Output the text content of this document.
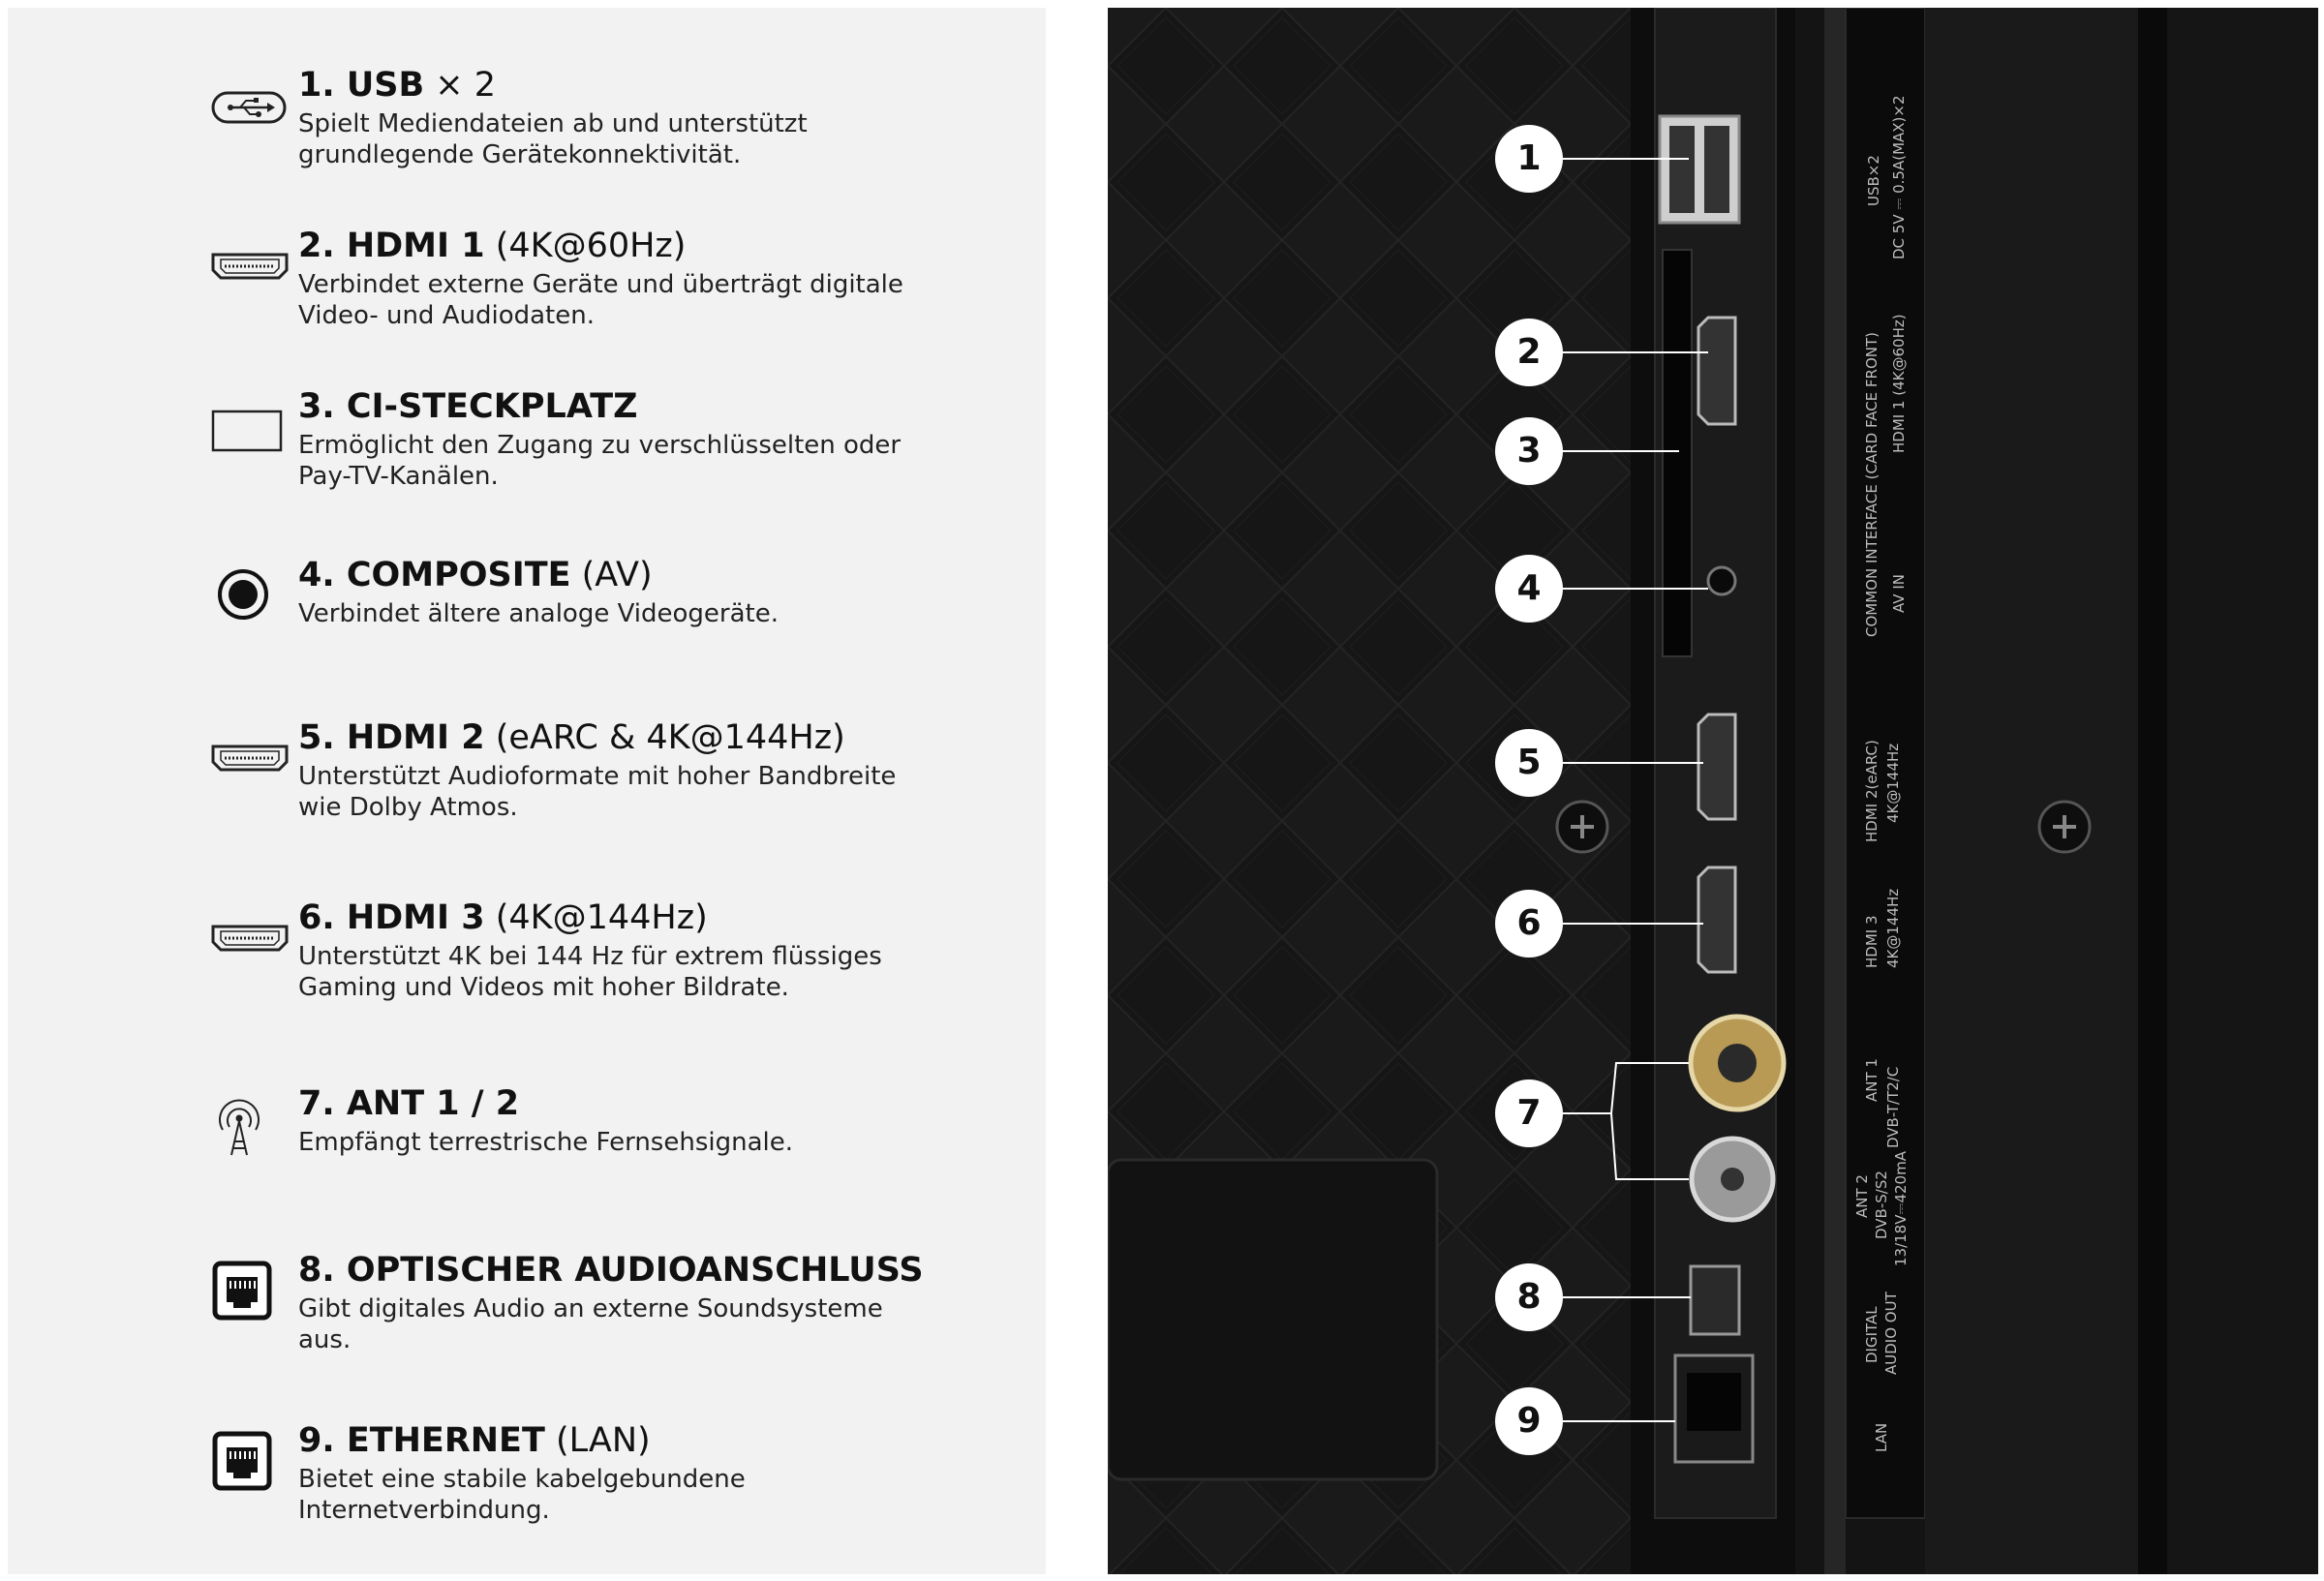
1. USB × 2
Spielt Mediendateien ab und unterstützt grundlegende Gerätekonnektivität.
2. HDMI 1 (4K@60Hz)
Verbindet externe Geräte und überträgt digitale Video- und Audiodaten.
3. CI-STECKPLATZ
Ermöglicht den Zugang zu verschlüsselten oder Pay-TV-Kanälen.
4. COMPOSITE (AV)
Verbindet ältere analoge Videogeräte.
5. HDMI 2 (eARC & 4K@144Hz)
Unterstützt Audioformate mit hoher Bandbreite wie Dolby Atmos.
6. HDMI 3 (4K@144Hz)
Unterstützt 4K bei 144 Hz für extrem flüssiges Gaming und Videos mit hoher Bildrate.
7. ANT 1 / 2
Empfängt terrestrische Fernsehsignale.
8. OPTISCHER AUDIOANSCHLUSS
Gibt digitales Audio an externe Soundsysteme aus.
9. ETHERNET (LAN)
Bietet eine stabile kabelgebundene Internetverbindung.
1
2
3
4
5
6
7
8
9
USB×2 DC 5V ⎓ 0.5A(MAX)×2
COMMON INTERFACE (CARD FACE FRONT) HDMI 1 (4K@60Hz)
AV IN
HDMI 2(eARC) 4K@144Hz
HDMI 3 4K@144Hz
ANT 1 DVB-T/T2/C
ANT 2 DVB-S/S2 13/18V⎓420mA
DIGITAL AUDIO OUT
LAN
